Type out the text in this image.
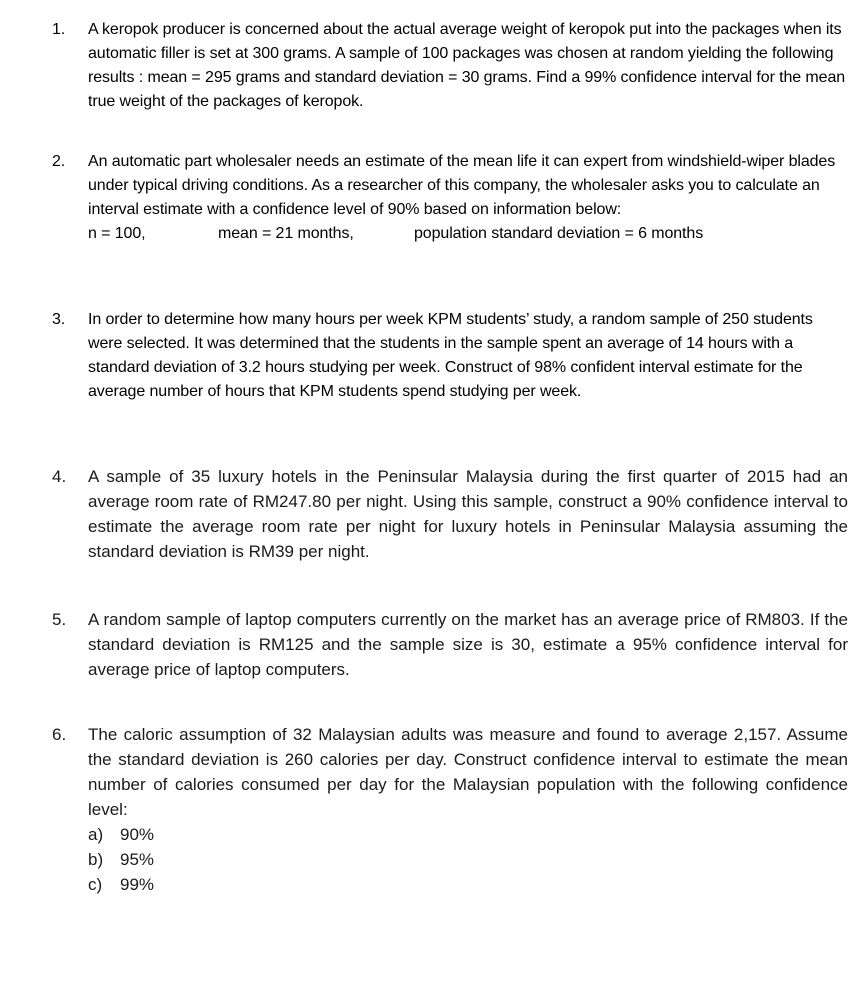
1.	A keropok producer is concerned about the actual average weight of keropok put into the packages when its automatic filler is set at 300 grams. A sample of 100 packages was chosen at random yielding the following results : mean = 295 grams and standard deviation = 30 grams. Find a 99% confidence interval for the mean true weight of the packages of keropok.

2.	An automatic part wholesaler needs an estimate of the mean life it can expert from windshield-wiper blades under typical driving conditions. As a researcher of this company, the wholesaler asks you to calculate an interval estimate with a confidence level of 90% based on information below:

n = 100,	mean = 21 months,	population standard deviation = 6 months
3.	In order to determine how many hours per week KPM students’ study, a random sample of 250 students were selected. It was determined that the students in the sample spent an average of 14 hours with a standard deviation of 3.2 hours studying per week. Construct of 98% confident interval estimate for the average number of hours that KPM students spend studying per week.

4.	A sample of 35 luxury hotels in the Peninsular Malaysia during the first quarter of 2015 had an average room rate of RM247.80 per night. Using this sample, construct a 90% confidence interval to estimate the average room rate per night for luxury hotels in Peninsular Malaysia assuming the standard deviation is RM39 per night.

5.	A random sample of laptop computers currently on the market has an average price of RM803. If the standard deviation is RM125 and the sample size is 30, estimate a 95% confidence interval for average price of laptop computers.

6.	The caloric assumption of 32 Malaysian adults was measure and found to average 2,157. Assume the standard deviation is 260 calories per day. Construct confidence interval to estimate the mean number of calories consumed per day for the Malaysian population with the following confidence level:

a) 90%
b) 95%
c) 99%
